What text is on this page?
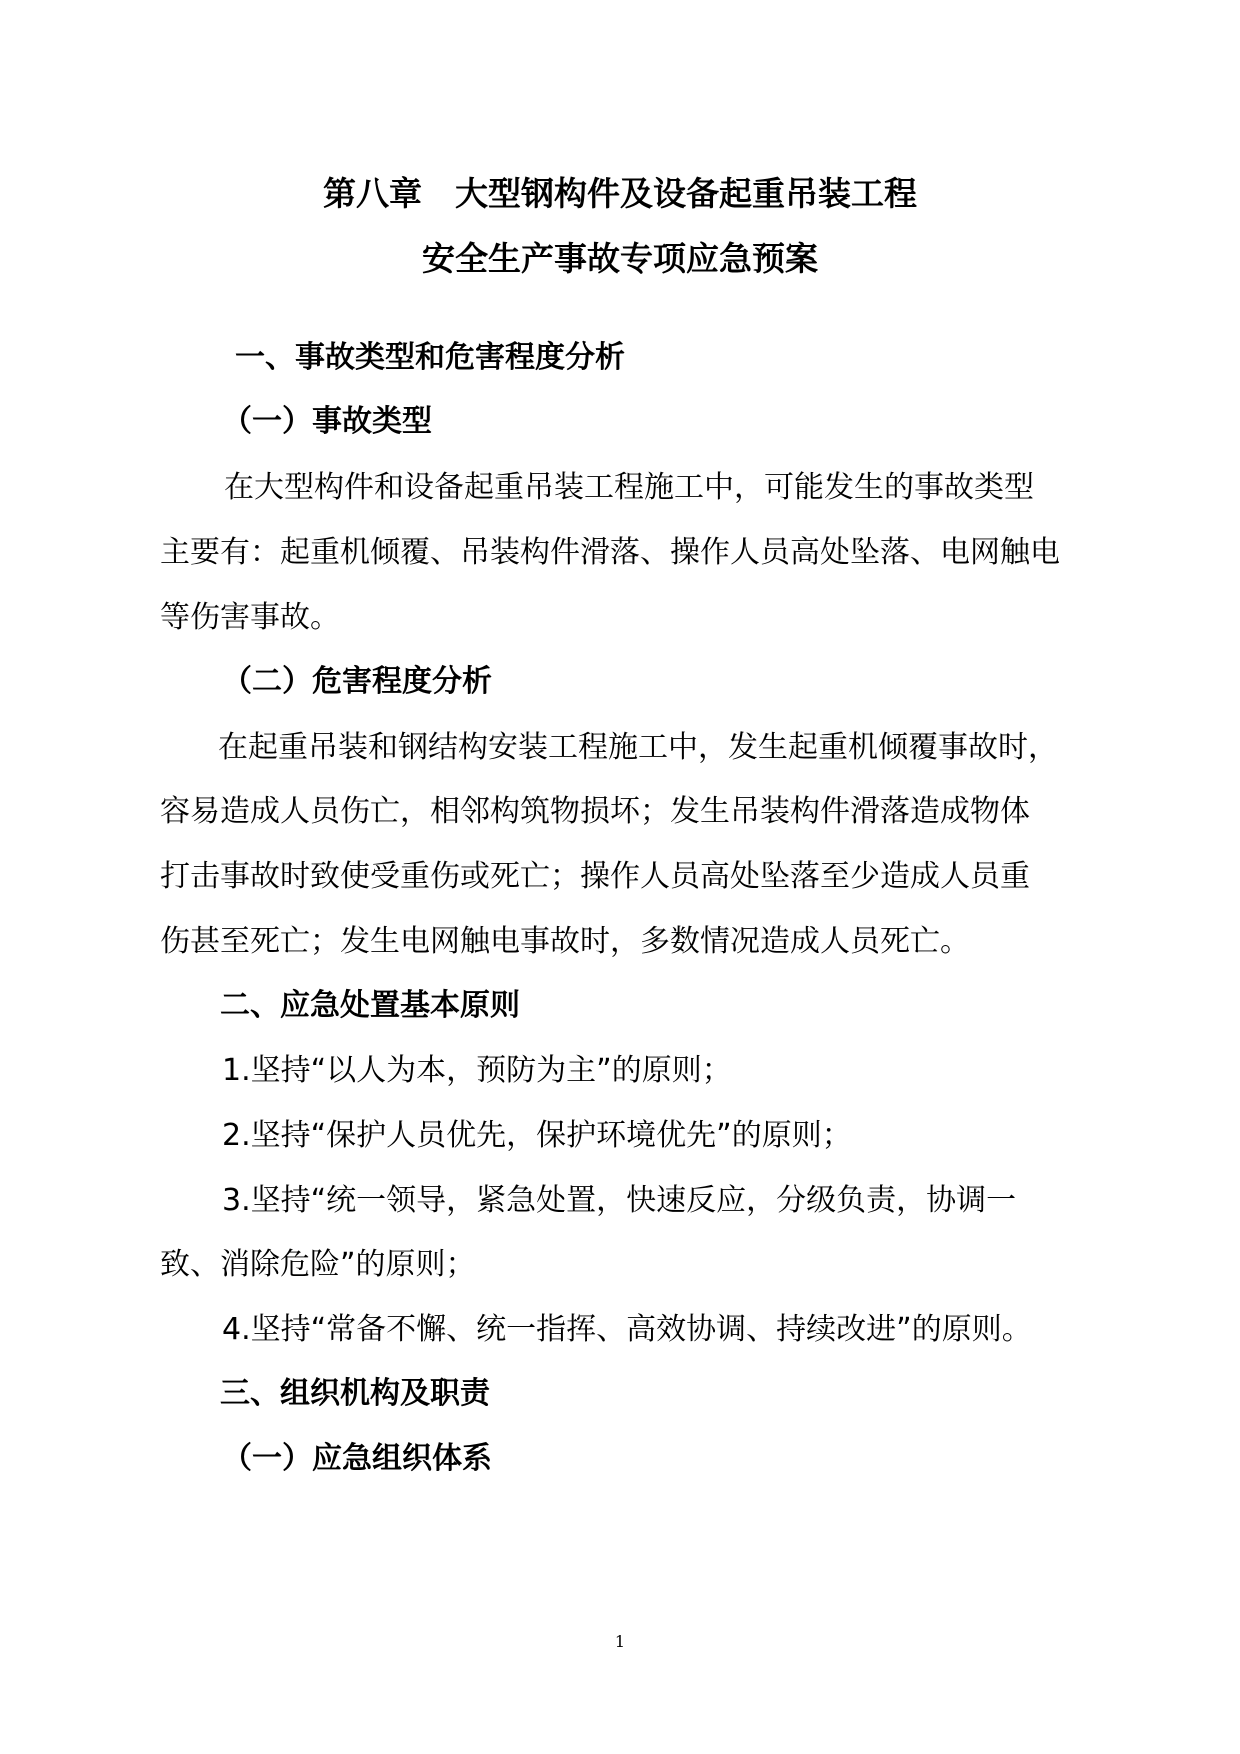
第八章　大型钢构件及设备起重吊装工程
安全生产事故专项应急预案
一、事故类型和危害程度分析
（一）事故类型
在大型构件和设备起重吊装工程施工中，可能发生的事故类型
主要有：起重机倾覆、吊装构件滑落、操作人员高处坠落、电网触电
等伤害事故。
（二）危害程度分析
在起重吊装和钢结构安装工程施工中，发生起重机倾覆事故时，
容易造成人员伤亡，相邻构筑物损坏；发生吊装构件滑落造成物体
打击事故时致使受重伤或死亡；操作人员高处坠落至少造成人员重
伤甚至死亡；发生电网触电事故时，多数情况造成人员死亡。
二、应急处置基本原则
1.坚持“以人为本，预防为主”的原则；
2.坚持“保护人员优先，保护环境优先”的原则；
3.坚持“统一领导，紧急处置，快速反应，分级负责，协调一
致、消除危险”的原则；
4.坚持“常备不懈、统一指挥、高效协调、持续改进”的原则。
三、组织机构及职责
（一）应急组织体系
1
